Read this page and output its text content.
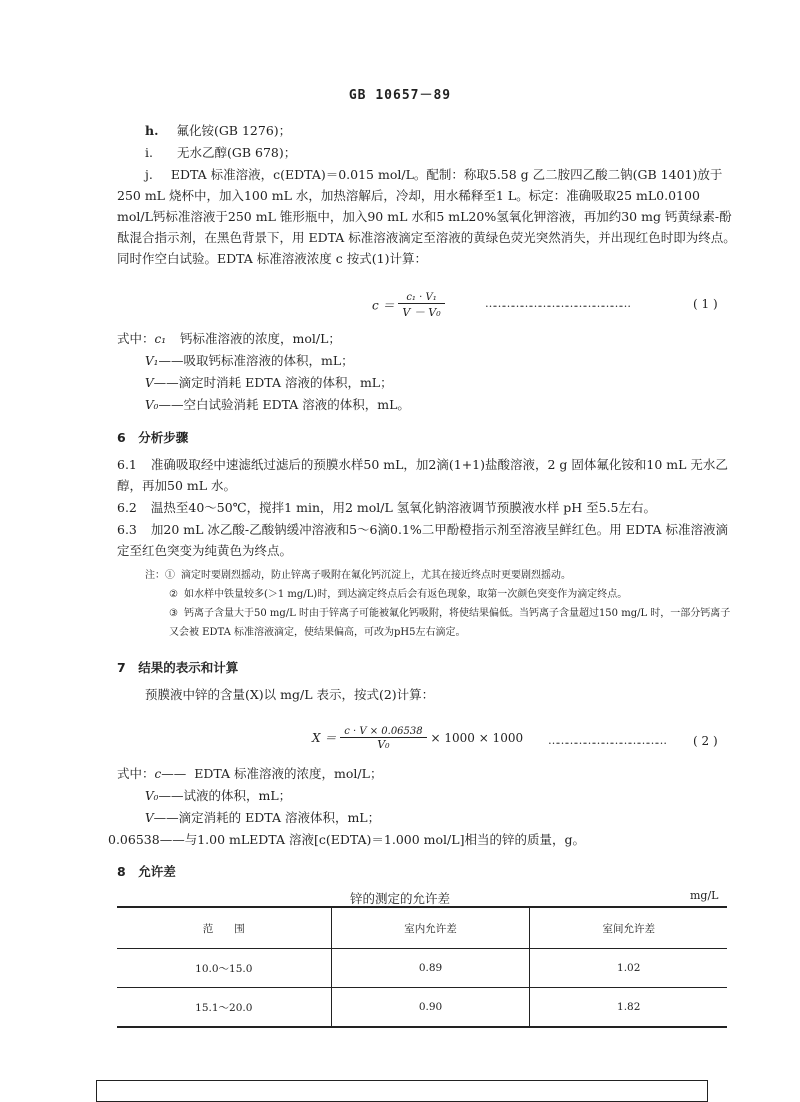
GB 10657－89
h. 氟化铵(GB 1276)；
i. 无水乙醇(GB 678)；
j. EDTA 标准溶液，c(EDTA)＝0.015 mol/L。配制：称取5.58 g 乙二胺四乙酸二钠(GB 1401)放于250 mL 烧杯中，加入100 mL 水，加热溶解后，冷却，用水稀释至1 L。标定：准确吸取25 mL0.0100 mol/L钙标准溶液于250 mL 锥形瓶中，加入90 mL 水和5 mL20%氢氧化钾溶液，再加约30 mg 钙黄绿素-酚酞混合指示剂，在黑色背景下，用 EDTA 标准溶液滴定至溶液的黄绿色荧光突然消失，并出现红色时即为终点。同时作空白试验。EDTA 标准溶液浓度 c 按式(1)计算：
$c = \frac{\text{c₁ · V₁}}{\text{V － V₀}}$	…………………………………………	( 1 )
式中：c₁ 钙标准溶液的浓度，mol/L；
V₁——吸取钙标准溶液的体积，mL；
V——滴定时消耗 EDTA 溶液的体积，mL；
V₀——空白试验消耗 EDTA 溶液的体积，mL。
6　分析步骤
6.1 准确吸取经中速滤纸过滤后的预膜水样50 mL，加2滴(1+1)盐酸溶液，2 g 固体氟化铵和10 mL 无水乙醇，再加50 mL 水。
6.2 温热至40～50℃，搅拌1 min，用2 mol/L 氢氧化钠溶液调节预膜液水样 pH 至5.5左右。
6.3 加20 mL 冰乙酸-乙酸钠缓冲溶液和5～6滴0.1%二甲酚橙指示剂至溶液呈鲜红色。用 EDTA 标准溶液滴定至红色突变为纯黄色为终点。
注：① 滴定时要剧烈摇动，防止锌离子吸附在氟化钙沉淀上，尤其在接近终点时更要剧烈摇动。
② 如水样中铁量较多(＞1 mg/L)时，到达滴定终点后会有返色现象，取第一次颜色突变作为滴定终点。
③ 钙离子含量大于50 mg/L 时由于锌离子可能被氟化钙吸附，将使结果偏低。当钙离子含量超过150 mg/L 时，一部分钙离子又会被 EDTA 标准溶液滴定，使结果偏高，可改为pH5左右滴定。
7　结果的表示和计算
预膜液中锌的含量(X)以 mg/L 表示，按式(2)计算：
$X = \frac{c \cdot V \times 0.06538}{\text{V₀}} \times 1000 \times 1000$ ………………………………… ( 2 )
式中：c—— EDTA 标准溶液的浓度，mol/L；
V₀——试液的体积，mL；
V——滴定消耗的 EDTA 溶液体积，mL；
0.06538——与1.00 mLEDTA 溶液[c(EDTA)＝1.000 mol/L]相当的锌的质量，g。
8　允许差
锌的测定的允许差	mg/L
范　　围	室内允许差	室间允许差
10.0～15.0	0.89	1.02
15.1～20.0	0.90	1.82
